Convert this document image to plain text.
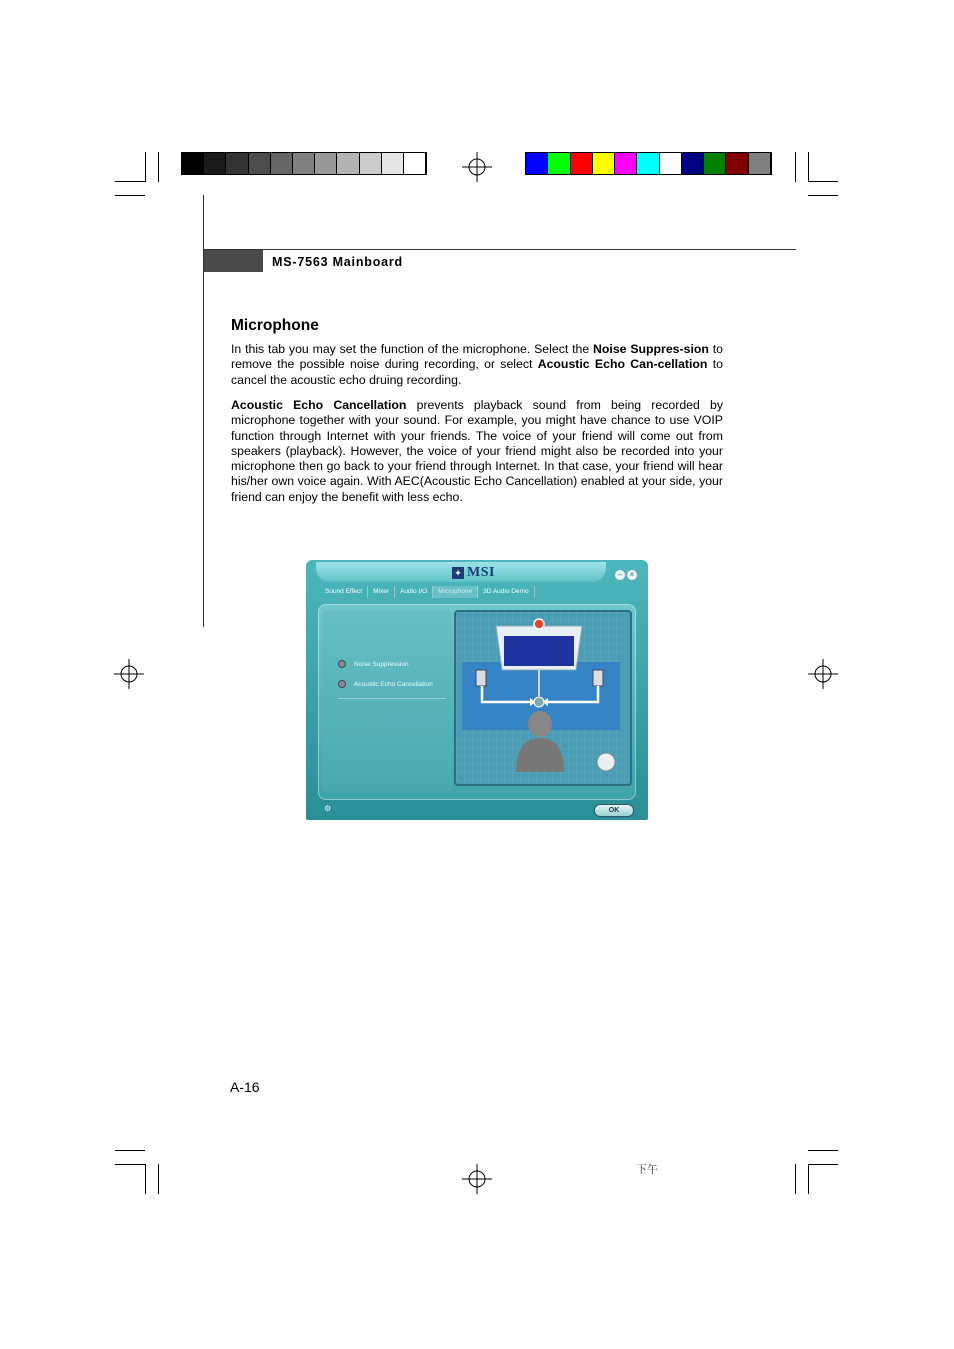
MS-7563 Mainboard
Microphone
In this tab you may set the function of the microphone. Select the Noise Suppres-sion to remove the possible noise during recording, or select Acoustic Echo Can-cellation to cancel the acoustic echo druing recording.
Acoustic Echo Cancellation prevents playback sound from being recorded by microphone together with your sound. For example, you might have chance to use VOIP function through Internet with your friends. The voice of your friend will come out from speakers (playback). However, the voice of your friend might also be recorded into your microphone then go back to your friend through Internet. In that case, your friend will hear his/her own voice again. With AEC(Acoustic Echo Cancellation) enabled at your side, your friend can enjoy the benefit with less echo.
✦ MSI	– ×
Sound Effect	Mixer	Audio I/O	Microphone	3D Audio Demo
Noise Suppression
Acoustic Echo Cancellation
⚙	OK
A-16
下午
